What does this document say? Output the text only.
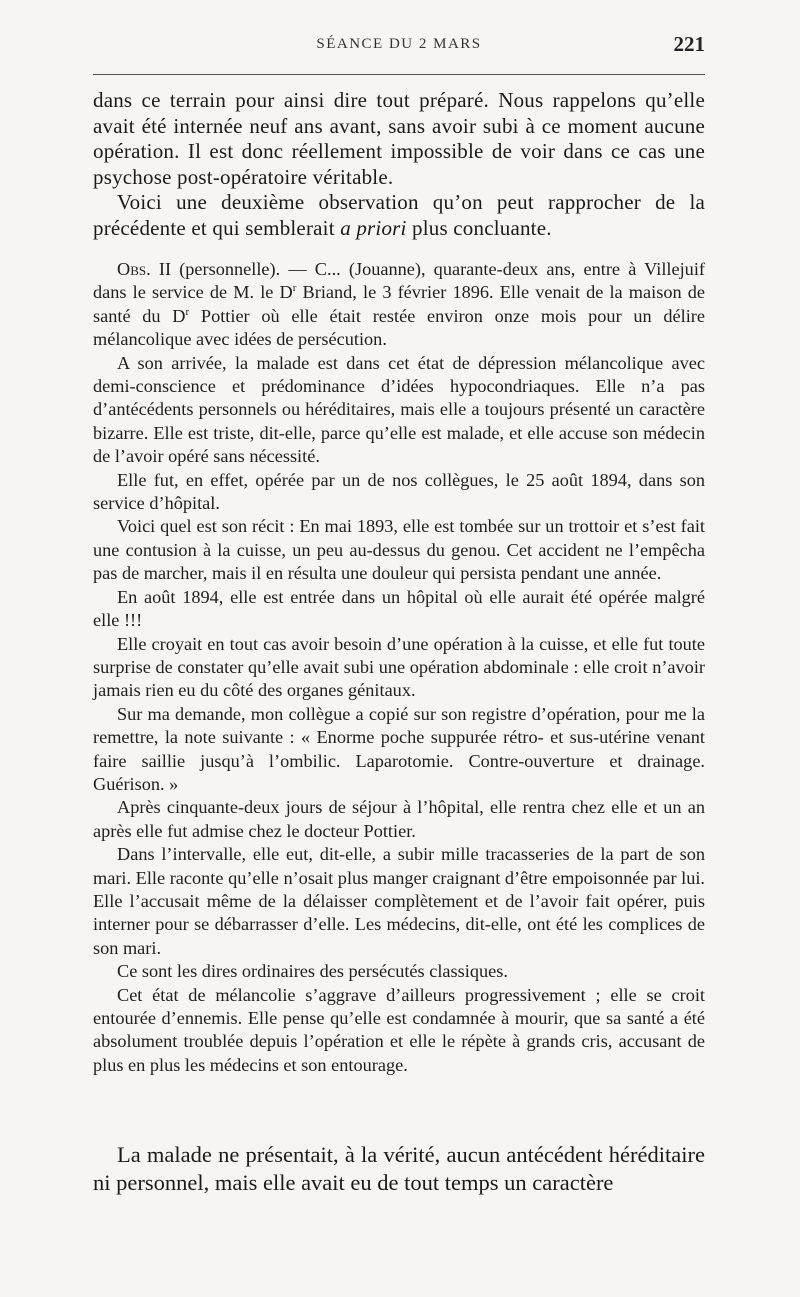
SÉANCE DU 2 MARS	221

dans ce terrain pour ainsi dire tout préparé. Nous rappelons qu’elle avait été internée neuf ans avant, sans avoir subi à ce moment aucune opération. Il est donc réellement impossible de voir dans ce cas une psychose post-opératoire véritable.

Voici une deuxième observation qu’on peut rapprocher de la précédente et qui semblerait a priori plus concluante.

Obs. II (personnelle). — C... (Jouanne), quarante-deux ans, entre à Villejuif dans le service de M. le $D^r$ Briand, le 3 février 1896. Elle venait de la maison de santé du $D^r$ Pottier où elle était restée environ onze mois pour un délire mélancolique avec idées de persécution.

A son arrivée, la malade est dans cet état de dépression mélancolique avec demi-conscience et prédominance d’idées hypocondriaques. Elle n’a pas d’antécédents personnels ou héréditaires, mais elle a toujours présenté un caractère bizarre. Elle est triste, dit-elle, parce qu’elle est malade, et elle accuse son médecin de l’avoir opéré sans nécessité.

Elle fut, en effet, opérée par un de nos collègues, le 25 août 1894, dans son service d’hôpital.

Voici quel est son récit : En mai 1893, elle est tombée sur un trottoir et s’est fait une contusion à la cuisse, un peu au-dessus du genou. Cet accident ne l’empêcha pas de marcher, mais il en résulta une douleur qui persista pendant une année.

En août 1894, elle est entrée dans un hôpital où elle aurait été opérée malgré elle !!!

Elle croyait en tout cas avoir besoin d’une opération à la cuisse, et elle fut toute surprise de constater qu’elle avait subi une opération abdominale : elle croit n’avoir jamais rien eu du côté des organes génitaux.

Sur ma demande, mon collègue a copié sur son registre d’opération, pour me la remettre, la note suivante : « Enorme poche suppurée rétro- et sus-utérine venant faire saillie jusqu’à l’ombilic. Laparotomie. Contre-ouverture et drainage. Guérison. »

Après cinquante-deux jours de séjour à l’hôpital, elle rentra chez elle et un an après elle fut admise chez le docteur Pottier.

Dans l’intervalle, elle eut, dit-elle, a subir mille tracasseries de la part de son mari. Elle raconte qu’elle n’osait plus manger craignant d’être empoisonnée par lui. Elle l’accusait même de la délaisser complètement et de l’avoir fait opérer, puis interner pour se débarrasser d’elle. Les médecins, dit-elle, ont été les complices de son mari.

Ce sont les dires ordinaires des persécutés classiques.

Cet état de mélancolie s’aggrave d’ailleurs progressivement ; elle se croit entourée d’ennemis. Elle pense qu’elle est condamnée à mourir, que sa santé a été absolument troublée depuis l’opération et elle le répète à grands cris, accusant de plus en plus les médecins et son entourage.

La malade ne présentait, à la vérité, aucun antécédent héréditaire ni personnel, mais elle avait eu de tout temps un caractère
